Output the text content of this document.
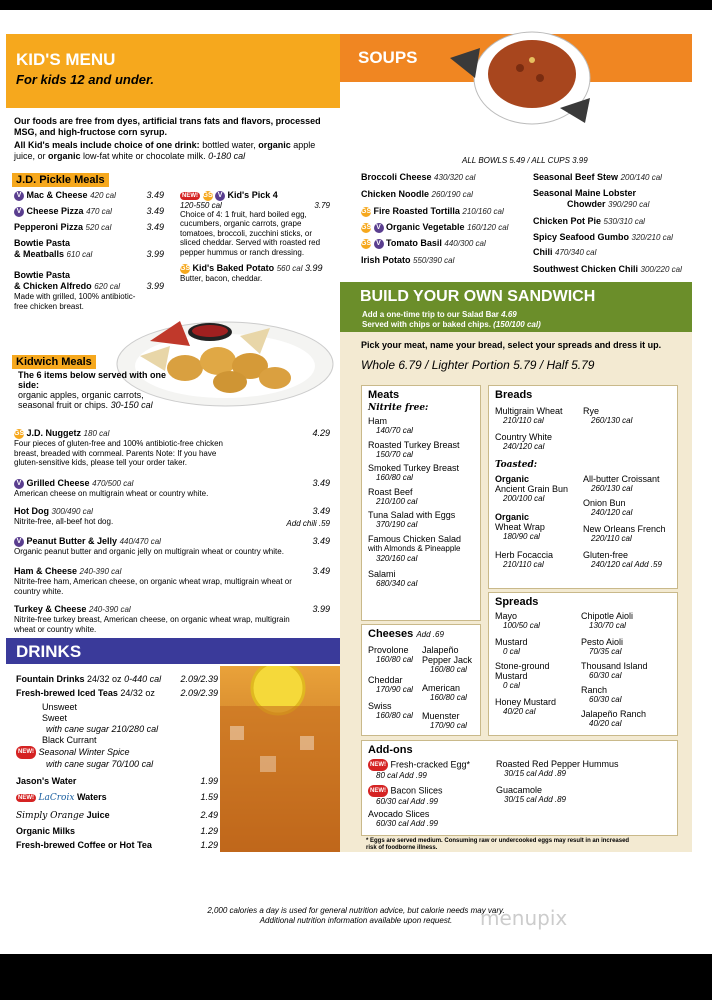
KID'S MENU
For kids 12 and under.
Our foods are free from dyes, artificial trans fats and flavors, processed MSG, and high-fructose corn syrup.
All Kid's meals include choice of one drink: bottled water, organic apple juice, or organic low-fat white or chocolate milk. 0-180 cal
J.D. Pickle Meals
V Mac & Cheese 420 cal	3.49
V Cheese Pizza 470 cal	3.49
Pepperoni Pizza 520 cal	3.49
Bowtie Pasta
& Meatballs 610 cal	3.99
Bowtie Pasta
& Chicken Alfredo 620 cal	3.99
Made with grilled, 100% antibiotic-free chicken breast.
NEW! GS V Kid's Pick 4
120-550 cal	3.79
Choice of 4: 1 fruit, hard boiled egg, cucumbers, organic carrots, grape tomatoes, broccoli, zucchini sticks, or sliced cheddar. Served with roasted red pepper hummus or ranch dressing.
GS Kid's Baked Potato 560 cal 3.99
Butter, bacon, cheddar.
Kidwich Meals
The 6 items below served with one side:
organic apples, organic carrots, seasonal fruit or chips. 30-150 cal
GS J.D. Nuggetz 180 cal	4.29
Four pieces of gluten-free and 100% antibiotic-free chicken breast, breaded with cornmeal. Parents Note: If you have gluten-sensitive kids, please tell your order taker.
V Grilled Cheese 470/500 cal	3.49
American cheese on multigrain wheat or country white.
Hot Dog 300/490 cal	3.49
Nitrite-free, all-beef hot dog.	Add chili .59
V Peanut Butter & Jelly 440/470 cal	3.49
Organic peanut butter and organic jelly on multigrain wheat or country white.
Ham & Cheese 240-390 cal	3.49
Nitrite-free ham, American cheese, on organic wheat wrap, multigrain wheat or country white.
Turkey & Cheese 240-390 cal	3.99
Nitrite-free turkey breast, American cheese, on organic wheat wrap, multigrain wheat or country white.
DRINKS
Fountain Drinks 24/32 oz 0-440 cal 2.09/2.39
Fresh-brewed Iced Teas 24/32 oz	2.09/2.39
Unsweet
Sweet
with cane sugar 210/280 cal
Black Currant
NEW! Seasonal Winter Spice
with cane sugar 70/100 cal
Jason's Water	1.99
NEW! LaCroix Waters	1.59
Simply Orange Juice	2.49
Organic Milks	1.29
Fresh-brewed Coffee or Hot Tea	1.29
SOUPS
ALL BOWLS 5.49 / ALL CUPS 3.99
Broccoli Cheese 430/320 cal
Chicken Noodle 260/190 cal
GS Fire Roasted Tortilla 210/160 cal
GS V Organic Vegetable 160/120 cal
GS V Tomato Basil 440/300 cal
Irish Potato 550/390 cal
Seasonal Beef Stew 200/140 cal
Seasonal Maine Lobster
Chowder 390/290 cal
Chicken Pot Pie 530/310 cal
Spicy Seafood Gumbo 320/210 cal
Chili 470/340 cal
Southwest Chicken Chili 300/220 cal
BUILD YOUR OWN SANDWICH
Add a one-time trip to our Salad Bar 4.69
Served with chips or baked chips. (150/100 cal)
Pick your meat, name your bread, select your spreads and dress it up.
Whole 6.79 / Lighter Portion 5.79 / Half 5.79
Meats
Nitrite free:
Ham
140/70 cal
Roasted Turkey Breast
150/70 cal
Smoked Turkey Breast
160/80 cal
Roast Beef
210/100 cal
Tuna Salad with Eggs
370/190 cal
Famous Chicken Salad
with Almonds & Pineapple
320/160 cal
Salami
680/340 cal
Breads
Multigrain Wheat
210/110 cal
Rye
260/130 cal
Country White
240/120 cal
Toasted:
Organic
Ancient Grain Bun
200/100 cal
All-butter Croissant
260/130 cal
Onion Bun
240/120 cal
Organic
Wheat Wrap
180/90 cal
New Orleans French
220/110 cal
Herb Focaccia
210/110 cal
Gluten-free
240/120 cal Add .59
Cheeses Add .69
Provolone
160/80 cal
Jalapeño
Pepper Jack
160/80 cal
Cheddar
170/90 cal	American
160/80 cal
Swiss
160/80 cal	Muenster
170/90 cal
Spreads
Mayo
100/50 cal
Chipotle Aioli
130/70 cal
Mustard
0 cal
Pesto Aioli
70/35 cal
Stone-ground
Mustard
0 cal
Thousand Island
60/30 cal
Ranch
60/30 cal
Honey Mustard
40/20 cal	Jalapeño Ranch
40/20 cal
Add-ons
NEW! Fresh-cracked Egg*
80 cal Add .99
Roasted Red Pepper Hummus
30/15 cal Add .89
NEW! Bacon Slices
60/30 cal Add .99
Guacamole
30/15 cal Add .89
Avocado Slices
60/30 cal Add .99
* Eggs are served medium. Consuming raw or undercooked eggs may result in an increased risk of foodborne illness.
2,000 calories a day is used for general nutrition advice, but calorie needs may vary.
Additional nutrition information available upon request.	menupix
